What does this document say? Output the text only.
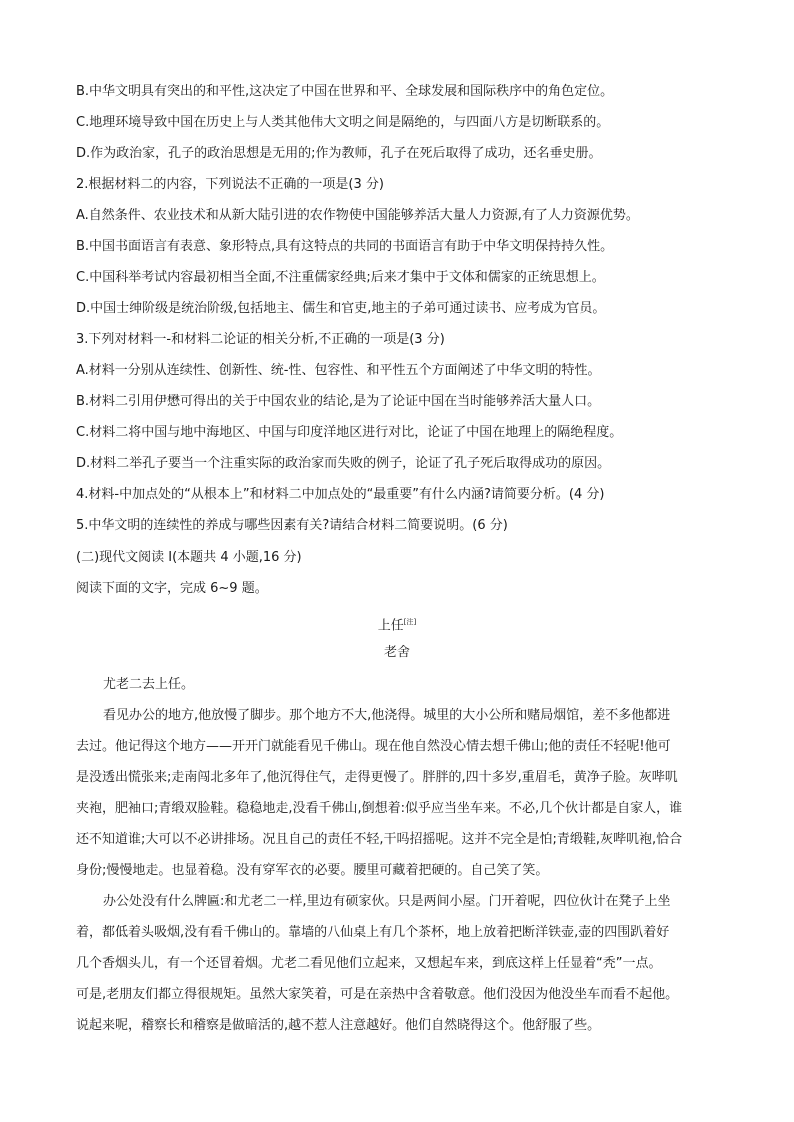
B.中华文明具有突出的和平性,这决定了中国在世界和平、全球发展和国际秩序中的角色定位。
C.地理环境导致中国在历史上与人类其他伟大文明之间是隔绝的，与四面八方是切断联系的。
D.作为政治家，孔子的政治思想是无用的;作为教师，孔子在死后取得了成功，还名垂史册。
2.根据材料二的内容，下列说法不正确的一项是(3 分)
A.自然条件、农业技术和从新大陆引进的农作物使中国能够养活大量人力资源,有了人力资源优势。
B.中国书面语言有表意、象形特点,具有这特点的共同的书面语言有助于中华文明保持持久性。
C.中国科举考试内容最初相当全面,不注重儒家经典;后来才集中于文体和儒家的正统思想上。
D.中国士绅阶级是统治阶级,包括地主、儒生和官吏,地主的子弟可通过读书、应考成为官员。
3.下列对材料一-和材料二论证的相关分析,不正确的一项是(3 分)
A.材料一分别从连续性、创新性、统-性、包容性、和平性五个方面阐述了中华文明的特性。
B.材料二引用伊懋可得出的关于中国农业的结论,是为了论证中国在当时能够养活大量人口。
C.材料二将中国与地中海地区、中国与印度洋地区进行对比，论证了中国在地理上的隔绝程度。
D.材料二举孔子要当一个注重实际的政治家而失败的例子，论证了孔子死后取得成功的原因。
4.材料-中加点处的“从根本上”和材料二中加点处的“最重要”有什么内涵?请简要分析。(4 分)
5.中华文明的连续性的养成与哪些因素有关?请结合材料二简要说明。(6 分)
(二)现代文阅读 I(本题共 4 小题,16 分)
阅读下面的文字，完成 6~9 题。
上任[注]
老舍
尤老二去上任。
看见办公的地方,他放慢了脚步。那个地方不大,他浇得。城里的大小公所和赌局烟馆，差不多他都进
去过。他记得这个地方——开开门就能看见千佛山。现在他自然没心情去想千佛山;他的责任不轻呢!他可
是没透出慌张来;走南闯北多年了,他沉得住气，走得更慢了。胖胖的,四十多岁,重眉毛，黄净子脸。灰哔叽
夹袍，肥袖口;青缎双脸鞋。稳稳地走,没看千佛山,倒想着:似乎应当坐车来。不必,几个伙计都是自家人，谁
还不知道谁;大可以不必讲排场。况且自己的责任不轻,干吗招摇呢。这并不完全是怕;青缎鞋,灰哔叽袍,恰合
身份;慢慢地走。也显着稳。没有穿军衣的必要。腰里可藏着把硬的。自己笑了笑。
办公处没有什么牌匾:和尤老二一样,里边有硕家伙。只是两间小屋。门开着呢，四位伙计在凳子上坐
着，都低着头吸烟,没有看千佛山的。靠墙的八仙桌上有几个茶杯，地上放着把断洋铁壶,壶的四围趴着好
几个香烟头儿，有一个还冒着烟。尤老二看见他们立起来，又想起车来，到底这样上任显着“秃”一点。
可是,老朋友们都立得很规矩。虽然大家笑着，可是在亲热中含着敬意。他们没因为他没坐车而看不起他。
说起来呢，稽察长和稽察是做暗活的,越不惹人注意越好。他们自然晓得这个。他舒服了些。
